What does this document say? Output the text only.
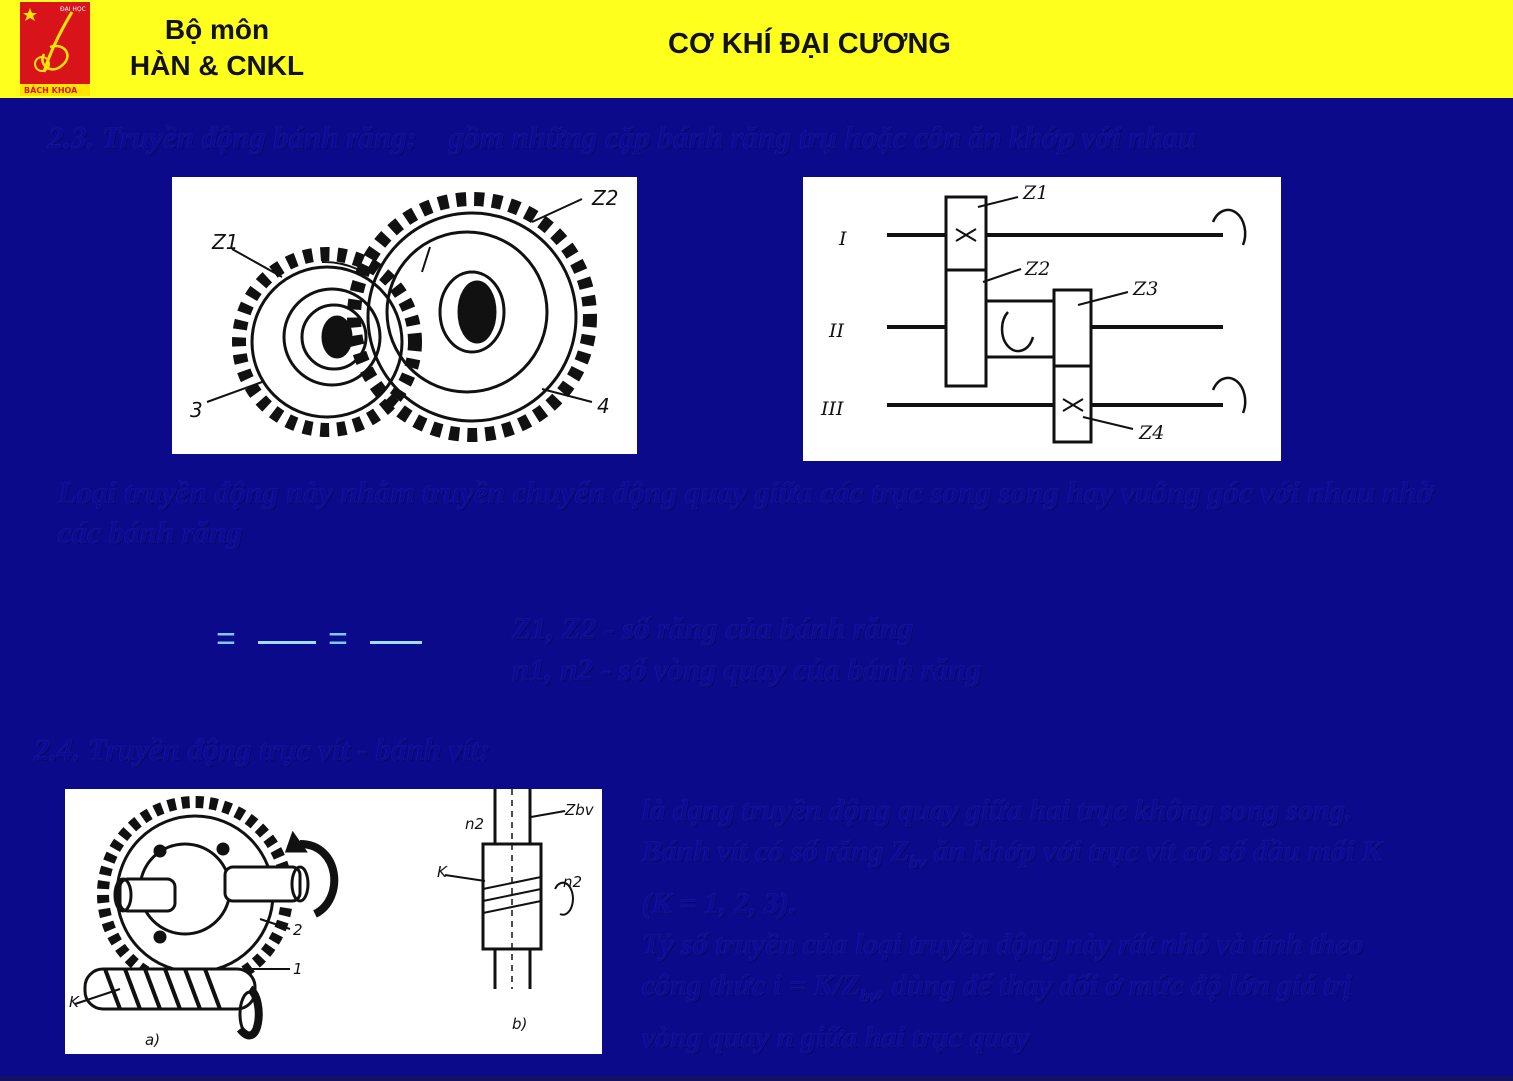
ĐẠI HỌC
BÁCH KHOA
Bộ môn
HÀN & CNKL
CƠ KHÍ ĐẠI CƯƠNG
2.3. Truyền động bánh răng: gồm những cặp bánh răng trụ hoặc côn ăn khớp với nhau
Z1
Z2
3	4
I
II
III
Z1
Z2
Z3
Z4
Loại truyền động này nhằm truyền chuyển động quay giữa các trục song song hay vuông góc với nhau nhờ các bánh răng
=	=	Z1, Z2 - số răng của bánh răng
n1, n2 - số vòng quay của bánh răng
2.4. Truyền động trục vít - bánh vít:
a)
b)
K
K
Zbv
n2
n2
1
2
là dạng truyền động quay giữa hai trục không song song.
Bánh vít có số răng $Z_{bv}$ ăn khớp với trục vít có số đầu mối K
(K = 1, 2, 3).
Tỷ số truyền của loại truyền động này rất nhỏ và tính theo
công thức $i = K/Z_{bv}$, dùng để thay đổi ở mức độ lớn giá trị
vòng quay n giữa hai trục quay
